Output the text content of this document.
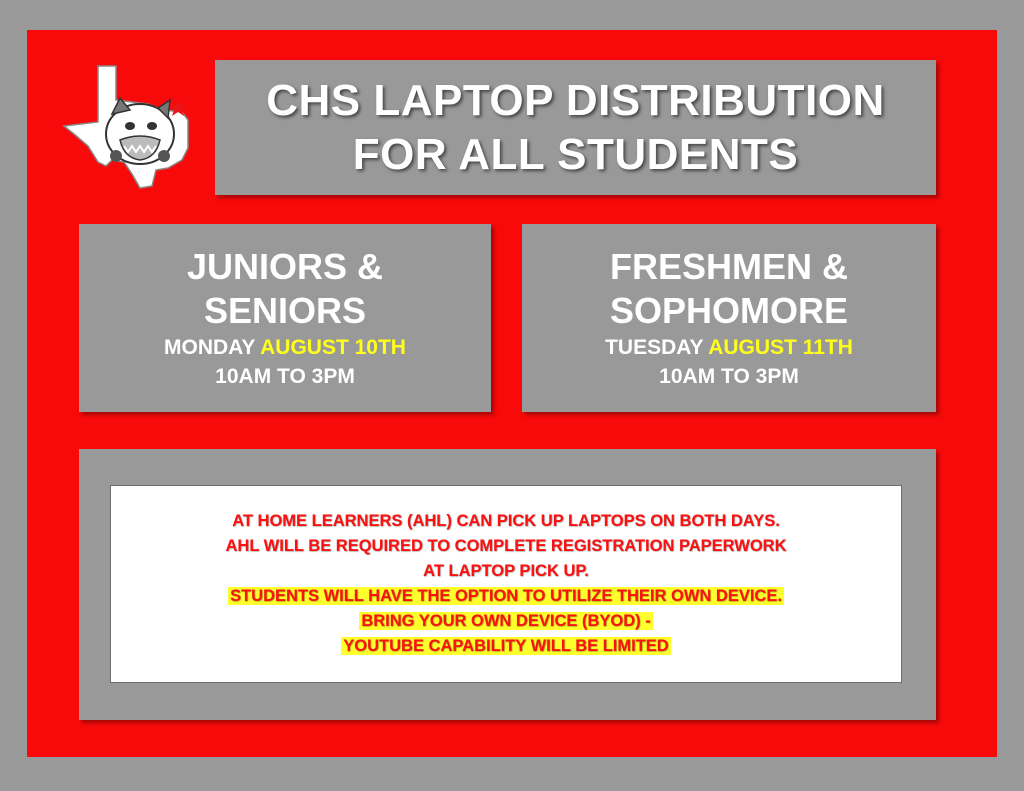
CHS LAPTOP DISTRIBUTION
FOR ALL STUDENTS
JUNIORS &
SENIORS
MONDAY AUGUST 10TH
10AM TO 3PM
FRESHMEN &
SOPHOMORE
TUESDAY AUGUST 11TH
10AM TO 3PM
AT HOME LEARNERS (AHL) CAN PICK UP LAPTOPS ON BOTH DAYS.
AHL WILL BE REQUIRED TO COMPLETE REGISTRATION PAPERWORK
AT LAPTOP PICK UP.
STUDENTS WILL HAVE THE OPTION TO UTILIZE THEIR OWN DEVICE.
BRING YOUR OWN DEVICE (BYOD) -
YOUTUBE CAPABILITY WILL BE LIMITED
